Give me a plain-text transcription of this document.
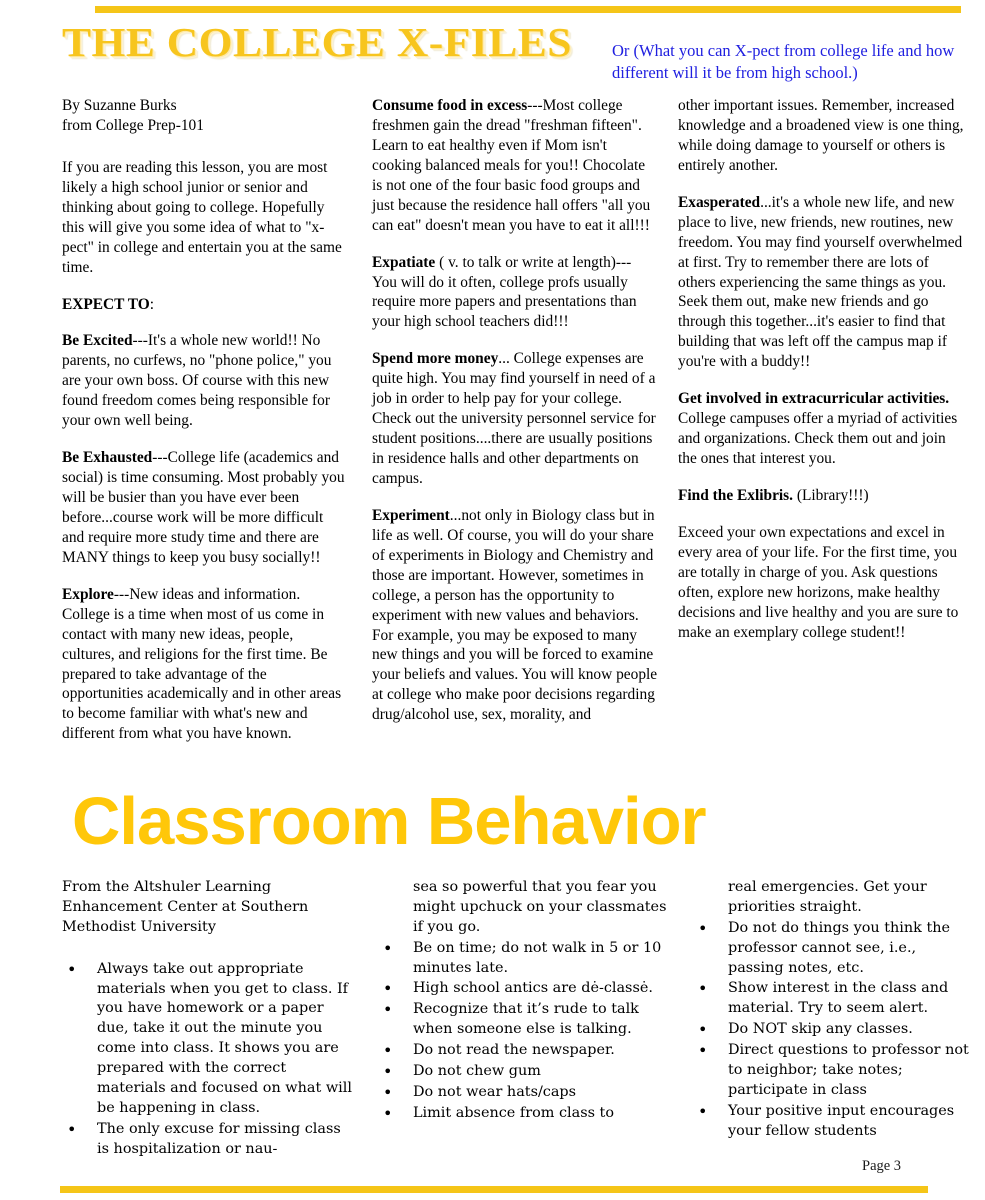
THE COLLEGE X-FILES	Or (What you can X-pect from college life and how different will it be from high school.)

By Suzanne Burks
from College Prep-101

If you are reading this lesson, you are most likely a high school junior or senior and thinking about going to college. Hopefully this will give you some idea of what to "x-pect" in college and entertain you at the same time.

EXPECT TO:

Be Excited---It's a whole new world!! No parents, no curfews, no "phone police," you are your own boss. Of course with this new found freedom comes being responsible for your own well being.

Be Exhausted---College life (academics and social) is time consuming. Most probably you will be busier than you have ever been before...course work will be more difficult and require more study time and there are MANY things to keep you busy socially!!

Explore---New ideas and information. College is a time when most of us come in contact with many new ideas, people, cultures, and religions for the first time. Be prepared to take advantage of the opportunities academically and in other areas to become familiar with what's new and different from what you have known.

Consume food in excess---Most college freshmen gain the dread "freshman fifteen". Learn to eat healthy even if Mom isn't cooking balanced meals for you!! Chocolate is not one of the four basic food groups and just because the residence hall offers "all you can eat" doesn't mean you have to eat it all!!!

Expatiate ( v. to talk or write at length)--- You will do it often, college profs usually require more papers and presentations than your high school teachers did!!!

Spend more money... College expenses are quite high. You may find yourself in need of a job in order to help pay for your college. Check out the university personnel service for student positions....there are usually positions in residence halls and other departments on campus.

Experiment...not only in Biology class but in life as well. Of course, you will do your share of experiments in Biology and Chemistry and those are important. However, sometimes in college, a person has the opportunity to experiment with new values and behaviors. For example, you may be exposed to many new things and you will be forced to examine your beliefs and values. You will know people at college who make poor decisions regarding drug/alcohol use, sex, morality, and

other important issues. Remember, increased knowledge and a broadened view is one thing, while doing damage to yourself or others is entirely another.

Exasperated...it's a whole new life, and new place to live, new friends, new routines, new freedom. You may find yourself overwhelmed at first. Try to remember there are lots of others experiencing the same things as you. Seek them out, make new friends and go through this together...it's easier to find that building that was left off the campus map if you're with a buddy!!

Get involved in extracurricular activities. College campuses offer a myriad of activities and organizations. Check them out and join the ones that interest you.

Find the Exlibris. (Library!!!)

Exceed your own expectations and excel in every area of your life. For the first time, you are totally in charge of you. Ask questions often, explore new horizons, make healthy decisions and live healthy and you are sure to make an exemplary college student!!

Classroom Behavior

From the Altshuler Learning Enhancement Center at Southern Methodist University

• Always take out appropriate materials when you get to class. If you have homework or a paper due, take it out the minute you come into class. It shows you are prepared with the correct materials and focused on what will be happening in class.
• The only excuse for missing class is hospitalization or nau-
sea so powerful that you fear you might upchuck on your classmates if you go.
• Be on time; do not walk in 5 or 10 minutes late.
• High school antics are dė-classė.
• Recognize that it’s rude to talk when someone else is talking.
• Do not read the newspaper.
• Do not chew gum
• Do not wear hats/caps
• Limit absence from class to
real emergencies. Get your priorities straight.
• Do not do things you think the professor cannot see, i.e., passing notes, etc.
• Show interest in the class and material. Try to seem alert.
• Do NOT skip any classes.
• Direct questions to professor not to neighbor; take notes; participate in class
• Your positive input encourages your fellow students
Page 3
